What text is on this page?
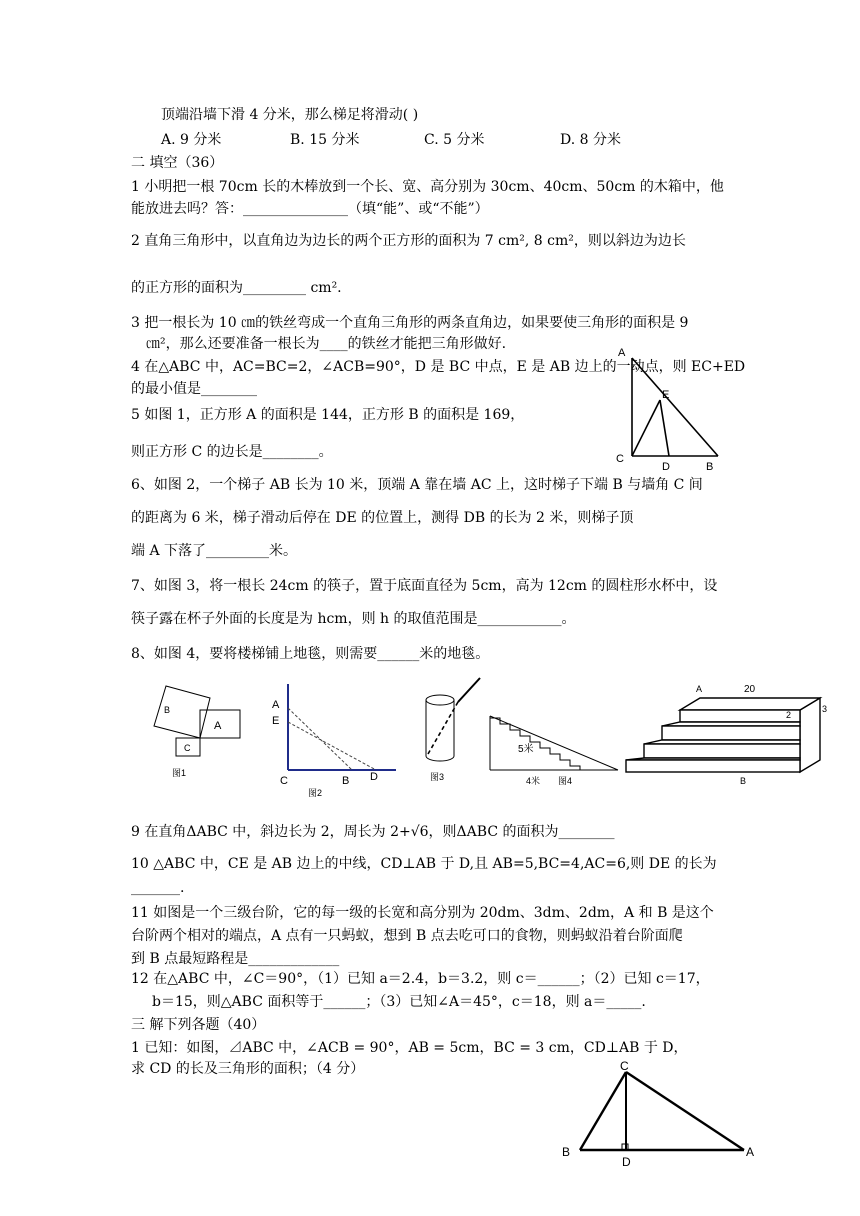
顶端沿墙下滑 4 分米，那么梯足将滑动( )
A. 9 分米	B. 15 分米	C. 5 分米	D. 8 分米
二 填空（36）
1 小明把一根 70cm 长的木棒放到一个长、宽、高分别为 30cm、40cm、50cm 的木箱中，他
能放进去吗？答：_______________（填“能”、或“不能”）
2 直角三角形中，以直角边为边长的两个正方形的面积为 7 cm², 8 cm²，则以斜边为边长
的正方形的面积为_________ cm².
3 把一根长为 10 ㎝的铁丝弯成一个直角三角形的两条直角边，如果要使三角形的面积是 9
㎝²，那么还要准备一根长为____的铁丝才能把三角形做好.
4 在△ABC 中，AC=BC=2，∠ACB=90°，D 是 BC 中点，E 是 AB 边上的一动点，则 EC+ED
的最小值是________
5 如图 1，正方形 A 的面积是 144，正方形 B 的面积是 169，
则正方形 C 的边长是________。
6、如图 2，一个梯子 AB 长为 10 米，顶端 A 靠在墙 AC 上，这时梯子下端 B 与墙角 C 间
的距离为 6 米，梯子滑动后停在 DE 的位置上，测得 DB 的长为 2 米，则梯子顶
端 A 下落了_________米。
7、如图 3，将一根长 24cm 的筷子，置于底面直径为 5cm，高为 12cm 的圆柱形水杯中，设
筷子露在杯子外面的长度是为 hcm，则 h 的取值范围是____________。
8、如图 4，要将楼梯铺上地毯，则需要______米的地毯。
A
E
C
D	B
B
A
C
图1
A
E
C	B D
图2
图3
5米
4米 图4
A	20
3
2
B
9 在直角ΔABC 中，斜边长为 2，周长为 2+√6，则ΔABC 的面积为________
10 △ABC 中，CE 是 AB 边上的中线，CD⊥AB 于 D,且 AB=5,BC=4,AC=6,则 DE 的长为
_______.
11 如图是一个三级台阶，它的每一级的长宽和高分别为 20dm、3dm、2dm，A 和 B 是这个
台阶两个相对的端点，A 点有一只蚂蚁，想到 B 点去吃可口的食物，则蚂蚁沿着台阶面爬
到 B 点最短路程是_____________
12 在△ABC 中，∠C＝90°，（1）已知 a＝2.4，b＝3.2，则 c＝______；（2）已知 c＝17，
b＝15，则△ABC 面积等于______；（3）已知∠A＝45°，c＝18，则 a＝_____.
三 解下列各题（40）
1 已知：如图，⊿ABC 中，∠ACB = 90°，AB = 5cm，BC = 3 cm，CD⊥AB 于 D，
求 CD 的长及三角形的面积；（4 分）	C
B
D
A
